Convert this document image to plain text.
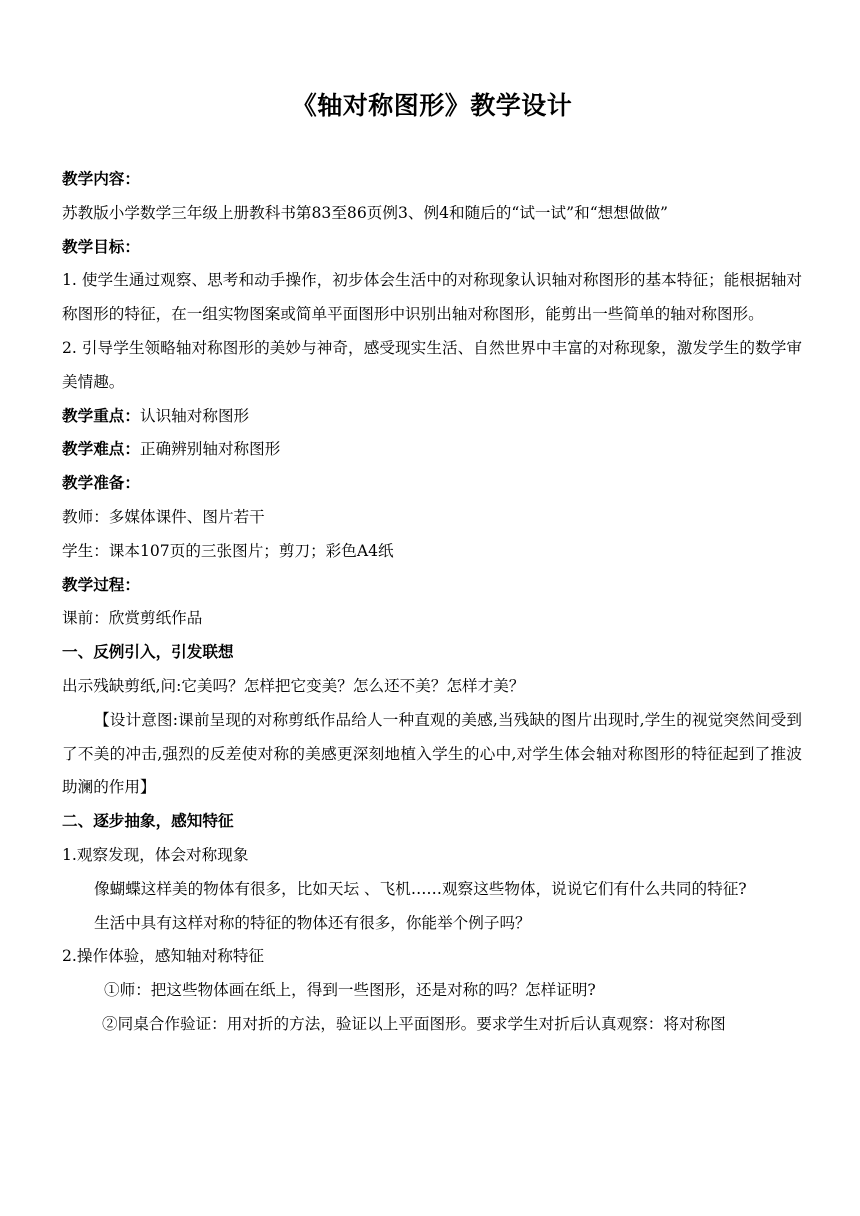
《轴对称图形》教学设计

教学内容：

苏教版小学数学三年级上册教科书第83至86页例3、例4和随后的“试一试”和“想想做做”

教学目标：

1. 使学生通过观察、思考和动手操作，初步体会生活中的对称现象认识轴对称图形的基本特征；能根据轴对称图形的特征，在一组实物图案或简单平面图形中识别出轴对称图形，能剪出一些简单的轴对称图形。

2. 引导学生领略轴对称图形的美妙与神奇，感受现实生活、自然世界中丰富的对称现象，激发学生的数学审美情趣。

教学重点：认识轴对称图形

教学难点：正确辨别轴对称图形

教学准备：

教师：多媒体课件、图片若干

学生：课本107页的三张图片；剪刀；彩色A4纸

教学过程：

课前：欣赏剪纸作品

一、反例引入，引发联想

出示残缺剪纸,问:它美吗？怎样把它变美？怎么还不美？怎样才美？

【设计意图:课前呈现的对称剪纸作品给人一种直观的美感,当残缺的图片出现时,学生的视觉突然间受到了不美的冲击,强烈的反差使对称的美感更深刻地植入学生的心中,对学生体会轴对称图形的特征起到了推波助澜的作用】

二、逐步抽象，感知特征

1.观察发现，体会对称现象

像蝴蝶这样美的物体有很多，比如天坛 、飞机……观察这些物体，说说它们有什么共同的特征?

生活中具有这样对称的特征的物体还有很多，你能举个例子吗？

2.操作体验，感知轴对称特征

①师：把这些物体画在纸上，得到一些图形，还是对称的吗？怎样证明?

②同桌合作验证：用对折的方法，验证以上平面图形。要求学生对折后认真观察：将对称图
